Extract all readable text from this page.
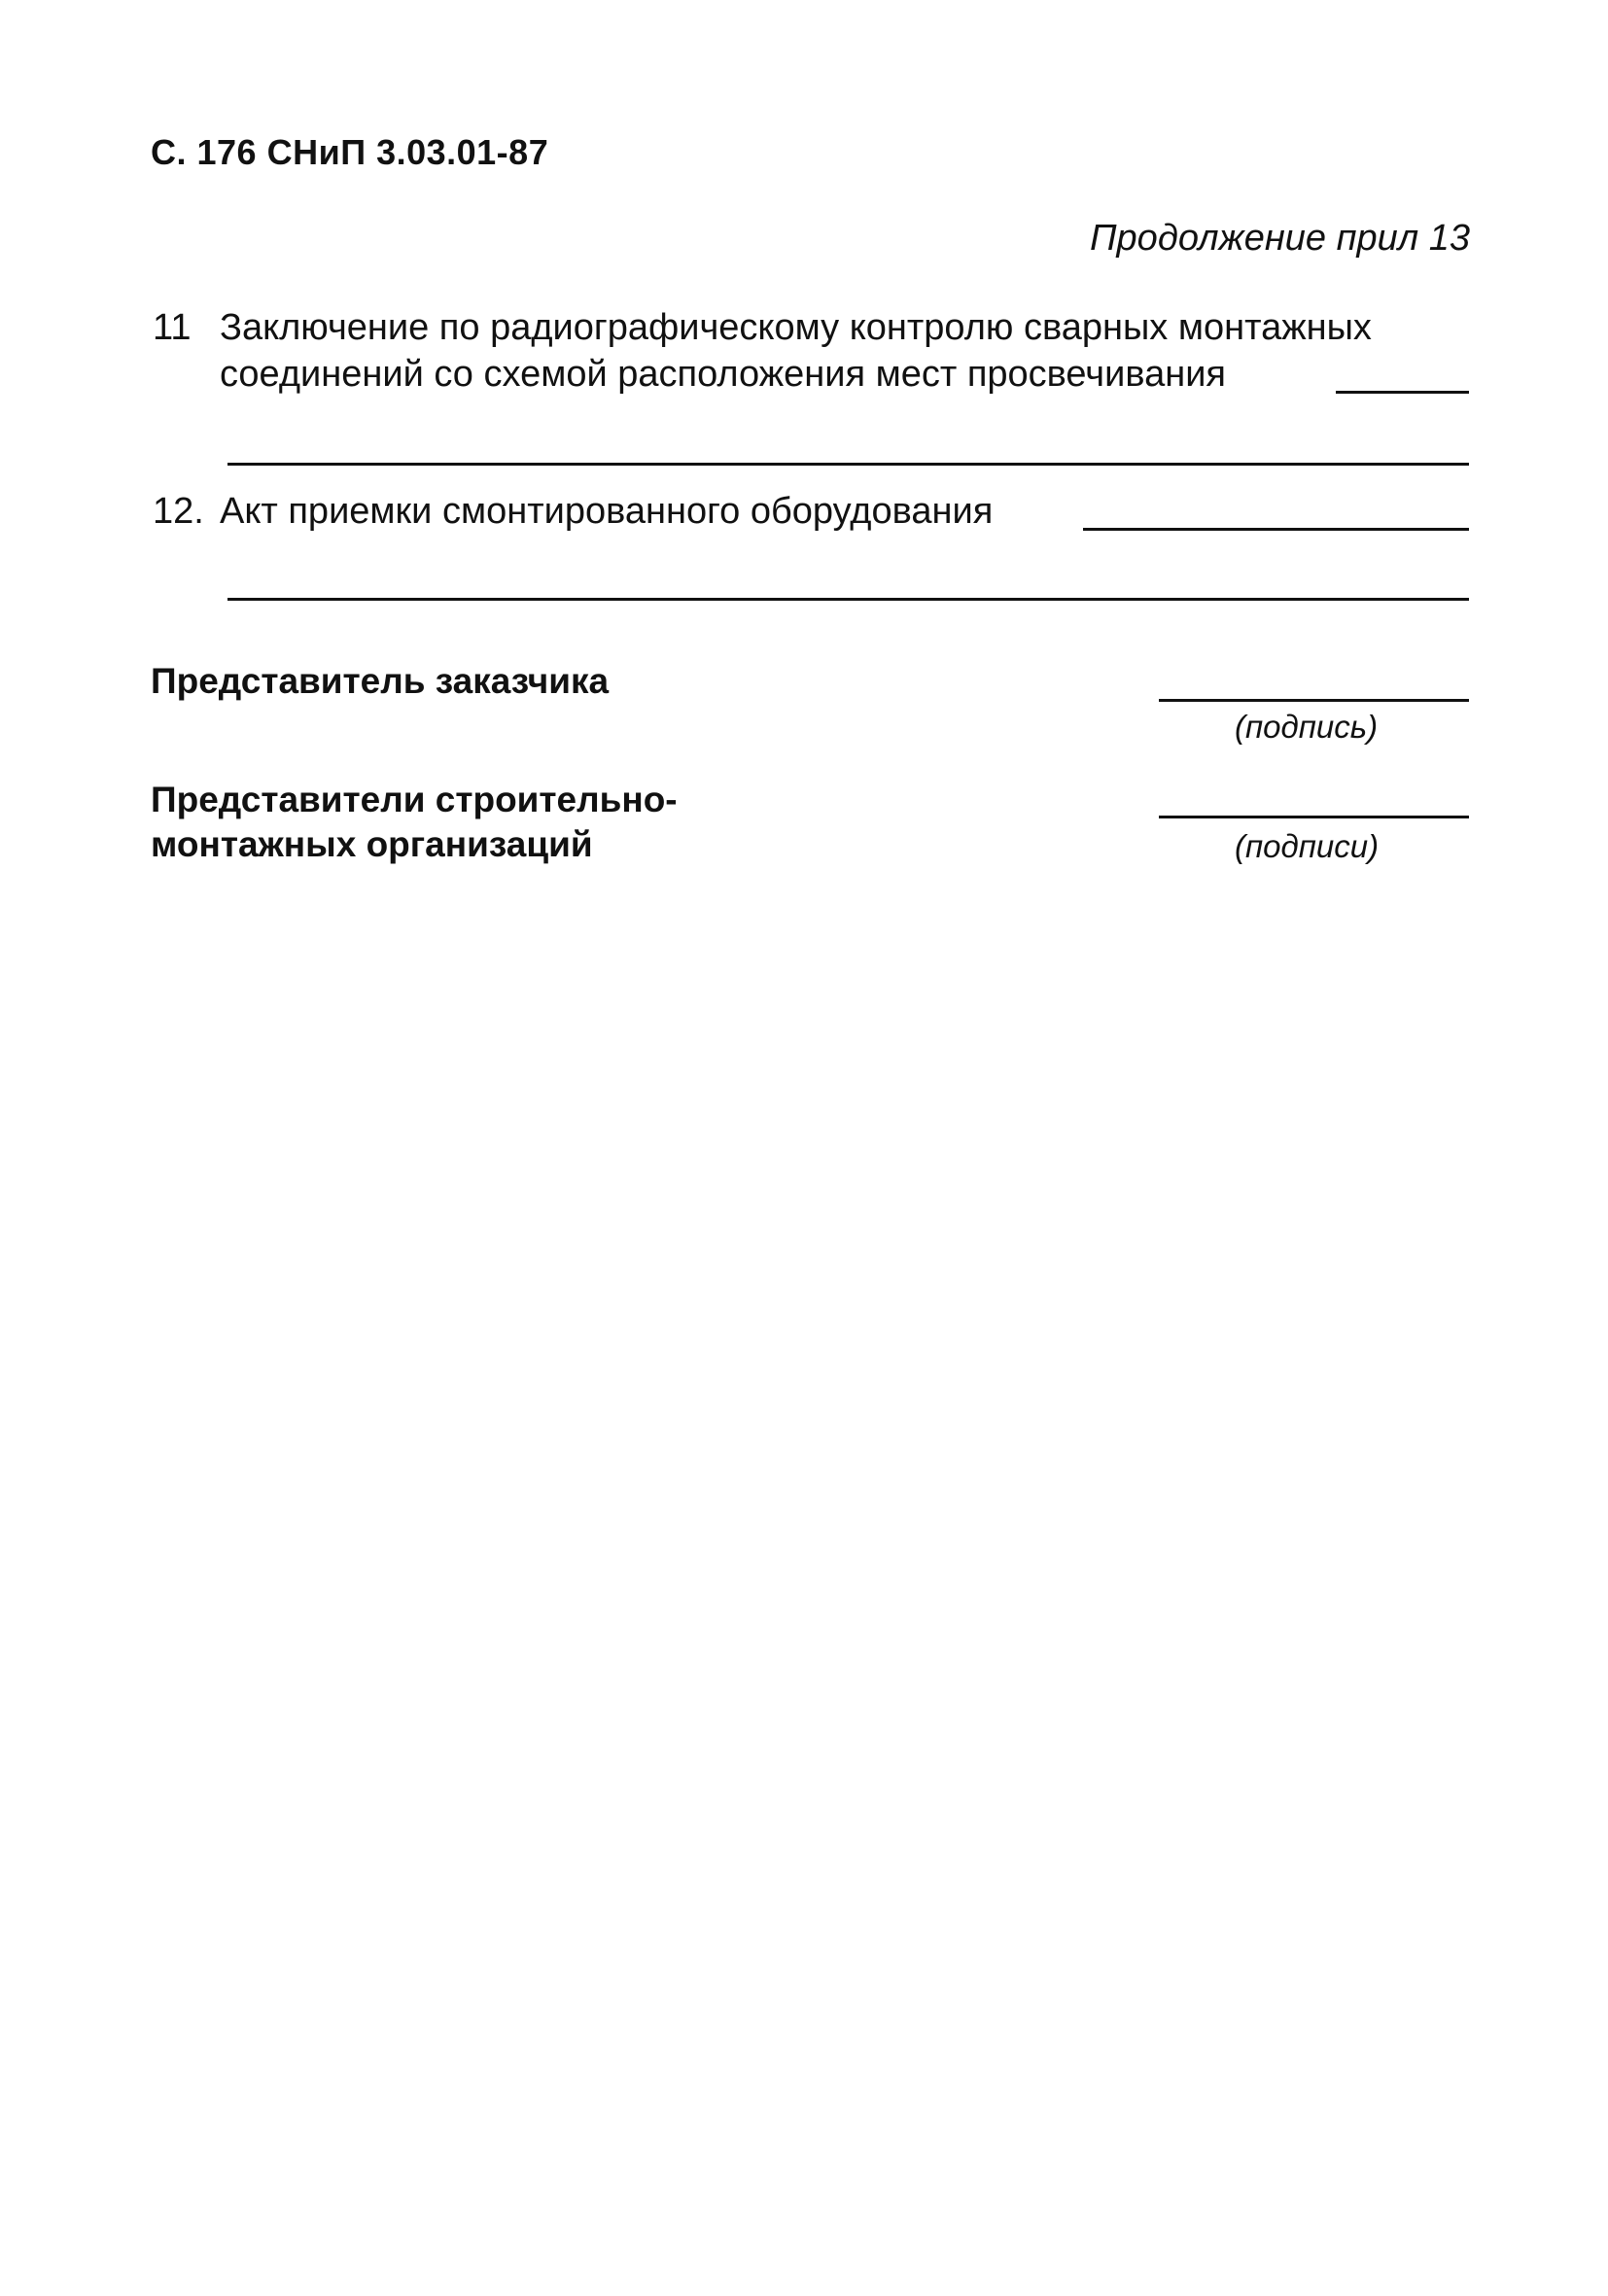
С. 176 СНиП 3.03.01-87
Продолжение прил 13
11 Заключение по радиографическому контролю сварных монтажных
соединений со схемой расположения мест просвечивания
12. Акт приемки смонтированного оборудования
Представитель заказчика
(подпись)
Представители строительно-
монтажных организаций	(подписи)
